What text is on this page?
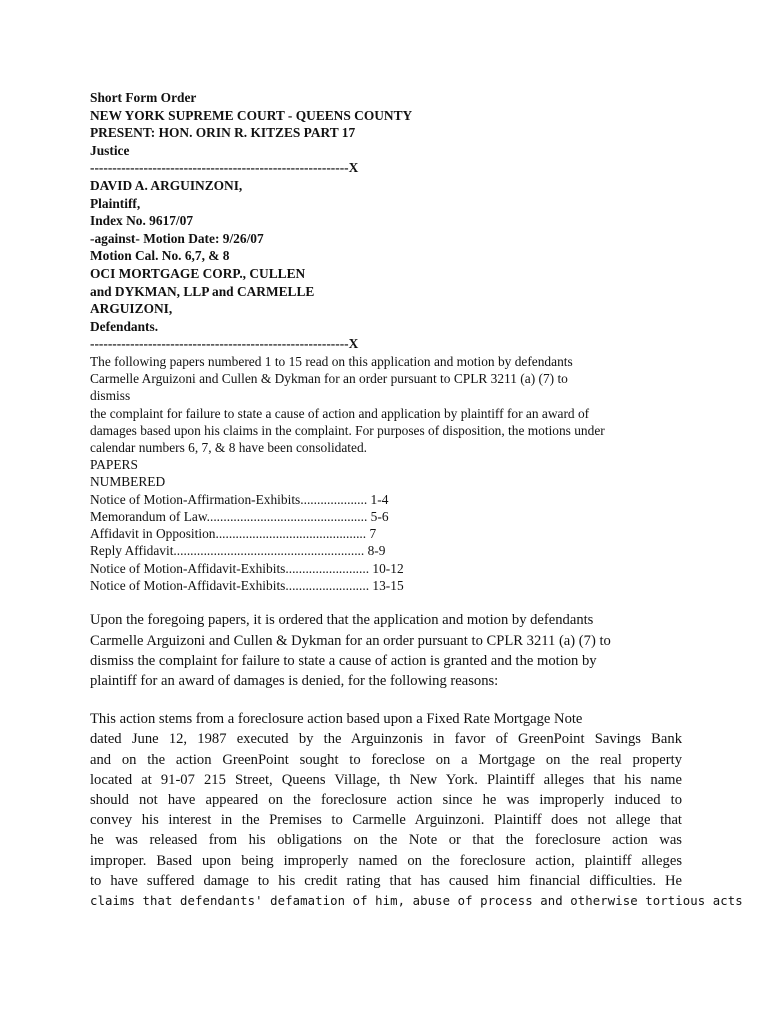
Short Form Order
NEW YORK SUPREME COURT - QUEENS COUNTY
PRESENT: HON. ORIN R. KITZES PART 17
Justice
----------------------------------------------------------X
DAVID A. ARGUINZONI,
Plaintiff,
Index No. 9617/07
-against- Motion Date: 9/26/07
Motion Cal. No. 6,7, & 8
OCI MORTGAGE CORP., CULLEN
and DYKMAN, LLP and CARMELLE
ARGUIZONI,
Defendants.
----------------------------------------------------------X
The following papers numbered 1 to 15 read on this application and motion by defendants
Carmelle Arguizoni and Cullen & Dykman for an order pursuant to CPLR 3211 (a) (7) to
dismiss
the complaint for failure to state a cause of action and application by plaintiff for an award of
damages based upon his claims in the complaint. For purposes of disposition, the motions under
calendar numbers 6, 7, & 8 have been consolidated.
PAPERS
NUMBERED
Notice of Motion-Affirmation-Exhibits.................... 1-4
Memorandum of Law................................................ 5-6
Affidavit in Opposition............................................. 7
Reply Affidavit......................................................... 8-9
Notice of Motion-Affidavit-Exhibits......................... 10-12
Notice of Motion-Affidavit-Exhibits......................... 13-15
Upon the foregoing papers, it is ordered that the application and motion by defendants
Carmelle Arguizoni and Cullen & Dykman for an order pursuant to CPLR 3211 (a) (7) to
dismiss the complaint for failure to state a cause of action is granted and the motion by
plaintiff for an award of damages is denied, for the following reasons:
This action stems from a foreclosure action based upon a Fixed Rate Mortgage Note
dated June 12, 1987 executed by the Arguinzonis in favor of GreenPoint Savings Bank
and on the action GreenPoint sought to foreclose on a Mortgage on the real property
located at 91-07 215 Street, Queens Village, th New York. Plaintiff alleges that his name
should not have appeared on the foreclosure action since he was improperly induced to
convey his interest in the Premises to Carmelle Arguinzoni. Plaintiff does not allege that
he was released from his obligations on the Note or that the foreclosure action was
improper. Based upon being improperly named on the foreclosure action, plaintiff alleges
to have suffered damage to his credit rating that has caused him financial difficulties. He
claims that defendants' defamation of him, abuse of process and otherwise tortious acts
